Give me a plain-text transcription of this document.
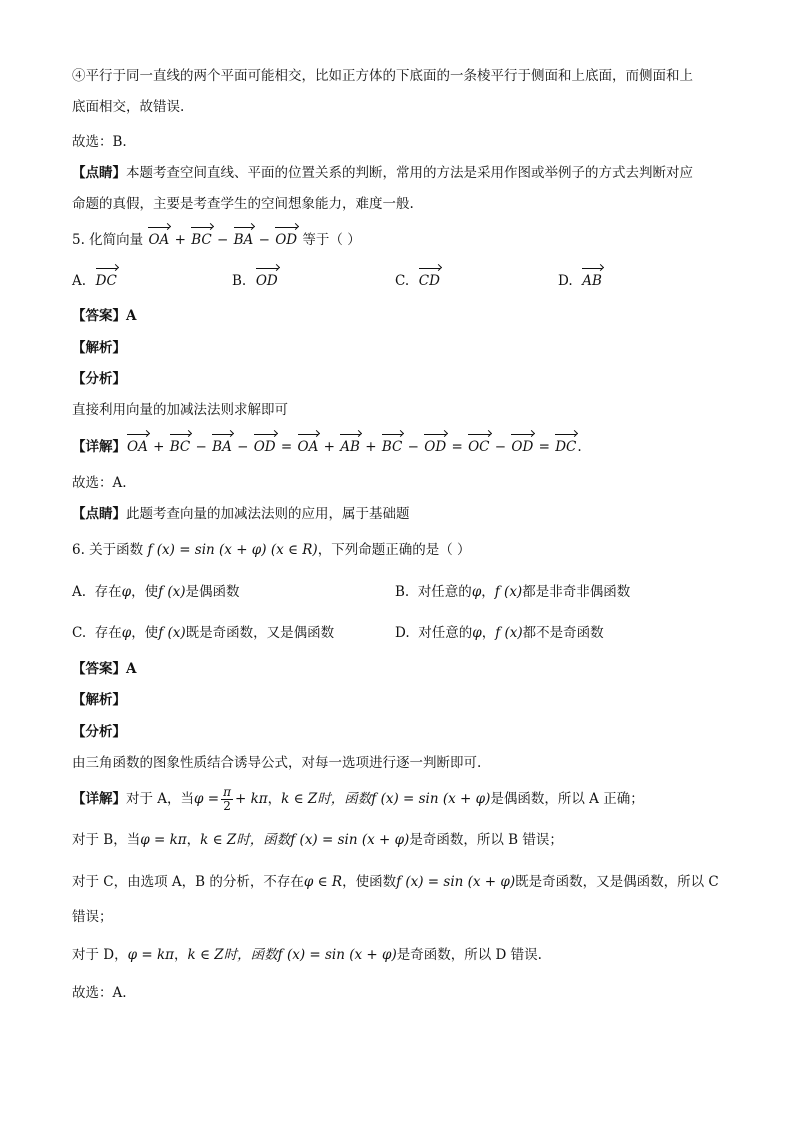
④平行于同一直线的两个平面可能相交，比如正方体的下底面的一条棱平行于侧面和上底面，而侧面和上
底面相交，故错误.
故选：B.
【点睛】本题考查空间直线、平面的位置关系的判断，常用的方法是采用作图或举例子的方式去判断对应
命题的真假，主要是考查学生的空间想象能力，难度一般.
5. 化简向量 OA + BC − BA − OD 等于（ ）
A. DC	B. OD	C. CD	D. AB
【答案】A
【解析】
【分析】
直接利用向量的加减法法则求解即可
【详解】OA + BC − BA − OD = OA + AB + BC − OD = OC − OD = DC.
故选：A.
【点睛】此题考查向量的加减法法则的应用，属于基础题
6. 关于函数 f (x) = sin (x + φ) (x ∈ R)，下列命题正确的是（ ）
A. 存在φ，使f (x)是偶函数	B. 对任意的φ，f (x)都是非奇非偶函数
C. 存在φ，使f (x)既是奇函数，又是偶函数	D. 对任意的φ，f (x)都不是奇函数
【答案】A
【解析】
【分析】
由三角函数的图象性质结合诱导公式，对每一选项进行逐一判断即可.
【详解】对于 A，当$\varphi = \frac{\pi}{2} + k\pi$，k ∈ Z时，函数f (x) = sin (x + φ)是偶函数，所以 A 正确；
对于 B，当φ = kπ，k ∈ Z时，函数f (x) = sin (x + φ)是奇函数，所以 B 错误；
对于 C，由选项 A，B 的分析，不存在φ ∈ R，使函数f (x) = sin (x + φ)既是奇函数，又是偶函数，所以 C
错误；
对于 D，φ = kπ，k ∈ Z时，函数f (x) = sin (x + φ)是奇函数，所以 D 错误.
故选：A.
